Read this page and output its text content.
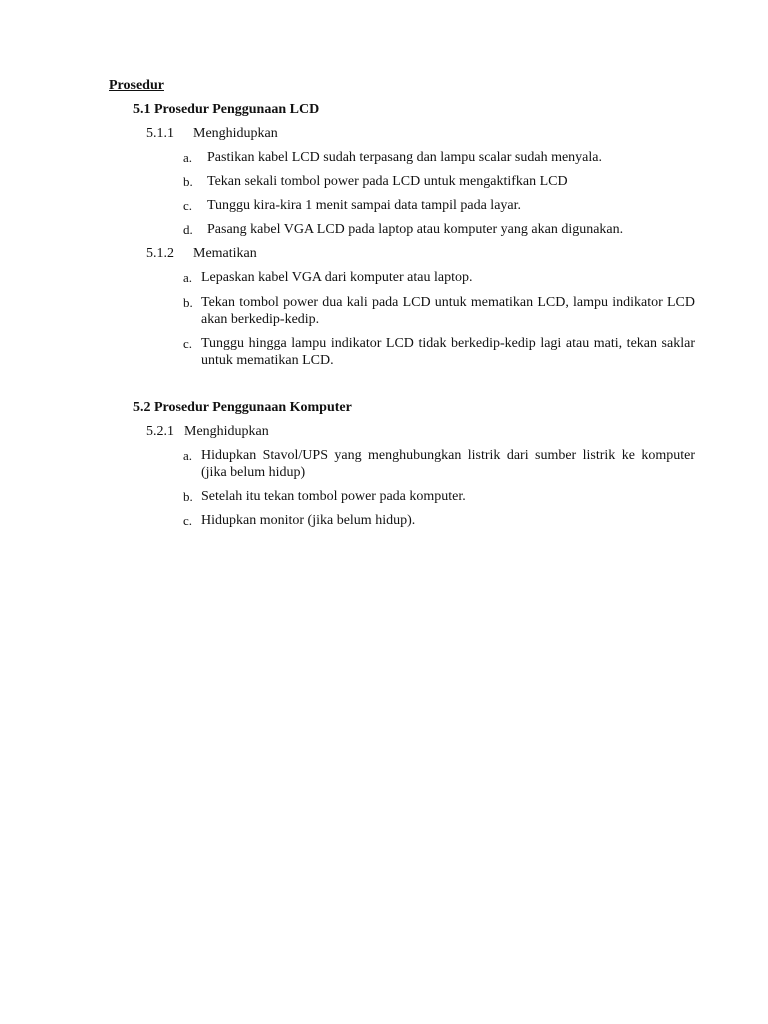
Prosedur
5.1 Prosedur Penggunaan LCD
5.1.1 Menghidupkan
a. Pastikan kabel LCD sudah terpasang dan lampu scalar sudah menyala.
b. Tekan sekali tombol power pada LCD untuk mengaktifkan LCD
c. Tunggu kira-kira 1 menit sampai data tampil pada layar.
d. Pasang kabel VGA LCD pada laptop atau komputer yang akan digunakan.
5.1.2 Mematikan
a. Lepaskan kabel VGA dari komputer atau laptop.
b. Tekan tombol power dua kali pada LCD untuk mematikan LCD, lampu indikator LCD akan berkedip-kedip.
c. Tunggu hingga lampu indikator LCD tidak berkedip-kedip lagi atau mati, tekan saklar untuk mematikan LCD.
5.2 Prosedur Penggunaan Komputer
5.2.1 Menghidupkan
a. Hidupkan Stavol/UPS yang menghubungkan listrik dari sumber listrik ke komputer (jika belum hidup)
b. Setelah itu tekan tombol power pada komputer.
c. Hidupkan monitor (jika belum hidup).
